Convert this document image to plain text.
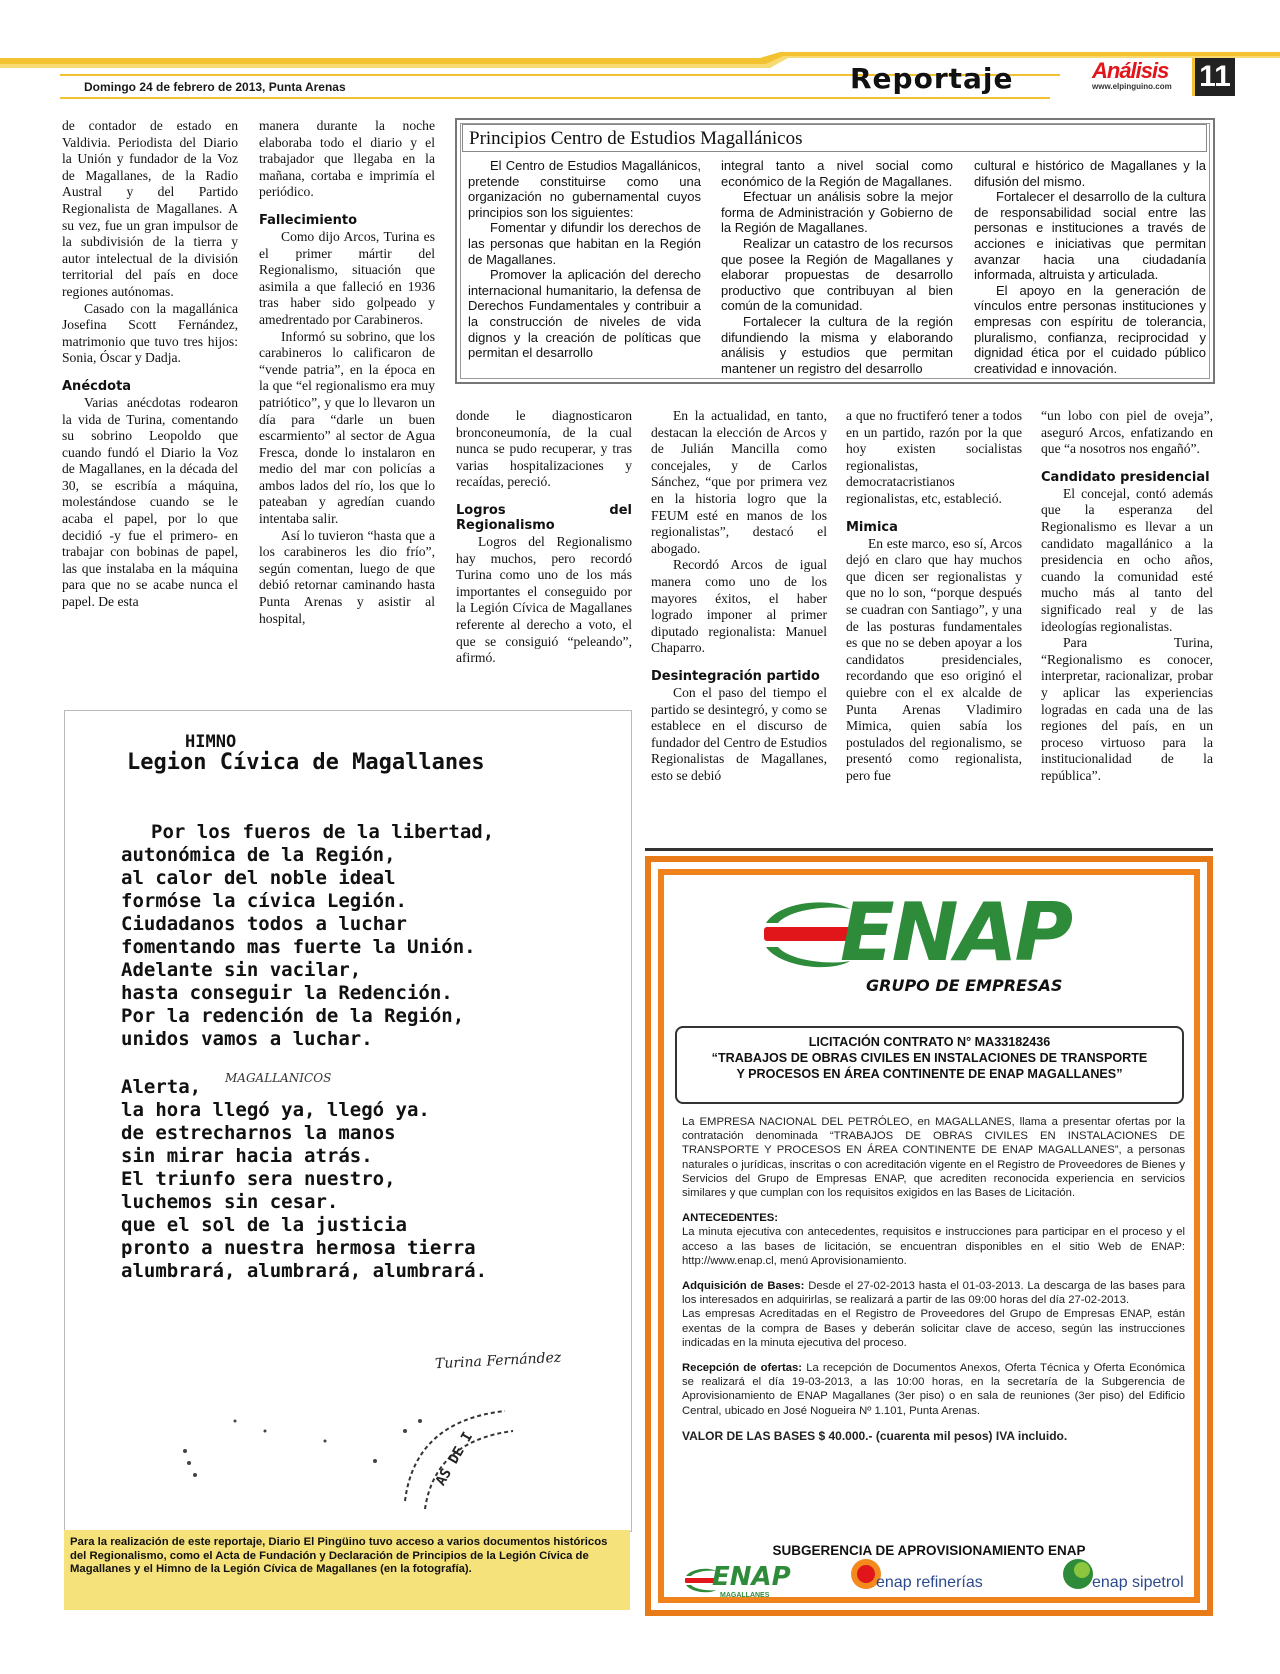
Domingo 24 de febrero de 2013, Punta Arenas	Reportaje	Análisis
www.elpinguino.com 11

de contador de estado en Valdivia. Periodista del Diario la Unión y fundador de la Voz de Magallanes, de la Radio Austral y del Partido Regionalista de Magallanes. A su vez, fue un gran impulsor de la subdivisión de la tierra y autor intelectual de la división territorial del país en doce regiones autónomas.

Casado con la magallánica Josefina Scott Fernández, matrimonio que tuvo tres hijos: Sonia, Óscar y Dadja.

Anécdota

Varias anécdotas rodearon la vida de Turina, comentando su sobrino Leopoldo que cuando fundó el Diario la Voz de Magallanes, en la década del 30, se escribía a máquina, molestándose cuando se le acaba el papel, por lo que decidió -y fue el primero- en trabajar con bobinas de papel, las que instalaba en la máquina para que no se acabe nunca el papel. De esta

manera durante la noche elaboraba todo el diario y el trabajador que llegaba en la mañana, cortaba e imprimía el periódico.

Fallecimiento

Como dijo Arcos, Turina es el primer mártir del Regionalismo, situación que asimila a que falleció en 1936 tras haber sido golpeado y amedrentado por Carabineros.

Informó su sobrino, que los carabineros lo calificaron de “vende patria”, en la época en la que “el regionalismo era muy patriótico”, y que lo llevaron un día para “darle un buen escarmiento” al sector de Agua Fresca, donde lo instalaron en medio del mar con policías a ambos lados del río, los que lo pateaban y agredían cuando intentaba salir.

Así lo tuvieron “hasta que a los carabineros les dio frío”, según comentan, luego de que debió retornar caminando hasta Punta Arenas y asistir al hospital,

Principios Centro de Estudios Magallánicos

El Centro de Estudios Magallánicos, pretende constituirse como una organización no gubernamental cuyos principios son los siguientes:

Fomentar y difundir los derechos de las personas que habitan en la Región de Magallanes.

Promover la aplicación del derecho internacional humanitario, la defensa de Derechos Fundamentales y contribuir a la construcción de niveles de vida dignos y la creación de políticas que permitan el desarrollo

integral tanto a nivel social como económico de la Región de Magallanes.

Efectuar un análisis sobre la mejor forma de Administración y Gobierno de la Región de Magallanes.

Realizar un catastro de los recursos que posee la Región de Magallanes y elaborar propuestas de desarrollo productivo que contribuyan al bien común de la comunidad.

Fortalecer la cultura de la región difundiendo la misma y elaborando análisis y estudios que permitan mantener un registro del desarrollo

cultural e histórico de Magallanes y la difusión del mismo.

Fortalecer el desarrollo de la cultura de responsabilidad social entre las personas e instituciones a través de acciones e iniciativas que permitan avanzar hacia una ciudadanía informada, altruista y articulada.

El apoyo en la generación de vínculos entre personas instituciones y empresas con espíritu de tolerancia, pluralismo, confianza, reciprocidad y dignidad ética por el cuidado público creatividad e innovación.

donde le diagnosticaron bronconeumonía, de la cual nunca se pudo recuperar, y tras varias hospitalizaciones y recaídas, pereció.

Logros del Regionalismo

Logros del Regionalismo hay muchos, pero recordó Turina como uno de los más importantes el conseguido por la Legión Cívica de Magallanes referente al derecho a voto, el que se consiguió “peleando”, afirmó.

En la actualidad, en tanto, destacan la elección de Arcos y de Julián Mancilla como concejales, y de Carlos Sánchez, “que por primera vez en la historia logro que la FEUM esté en manos de los regionalistas”, destacó el abogado.

Recordó Arcos de igual manera como uno de los mayores éxitos, el haber logrado imponer al primer diputado regionalista: Manuel Chaparro.

Desintegración partido

Con el paso del tiempo el partido se desintegró, y como se establece en el discurso de fundador del Centro de Estudios Regionalistas de Magallanes, esto se debió

a que no fructiferó tener a todos en un partido, razón por la que hoy existen socialistas regionalistas, democratacristianos regionalistas, etc, estableció.

Mimica

En este marco, eso sí, Arcos dejó en claro que hay muchos que dicen ser regionalistas y que no lo son, “porque después se cuadran con Santiago”, y una de las posturas fundamentales es que no se deben apoyar a los candidatos presidenciales, recordando que eso originó el quiebre con el ex alcalde de Punta Arenas Vladimiro Mimica, quien sabía los postulados del regionalismo, se presentó como regionalista, pero fue

“un lobo con piel de oveja”, aseguró Arcos, enfatizando en que “a nosotros nos engañó”.

Candidato presidencial

El concejal, contó además que la esperanza del Regionalismo es llevar a un candidato magallánico a la presidencia en ocho años, cuando la comunidad esté mucho más al tanto del significado real y de las ideologías regionalistas.

Para Turina, “Regionalismo es conocer, interpretar, racionalizar, probar y aplicar las experiencias logradas en cada una de las regiones del país, en un proceso virtuoso para la institucionalidad de la república”.

HIMNO
Legion Cívica de Magallanes
Por los fueros de la libertad,
autonómica de la Región,
al calor del noble ideal
formóse la cívica Legión.
Ciudadanos todos a luchar
fomentando mas fuerte la Unión.
Adelante sin vacilar,
hasta conseguir la Redención.
Por la redención de la Región,
unidos vamos a luchar.
Alerta,
la hora llegó ya, llegó ya.
de estrecharnos la manos
sin mirar hacia atrás.
El triunfo sera nuestro,
luchemos sin cesar.
que el sol de la justicia
pronto a nuestra hermosa tierra
alumbrará, alumbrará, alumbrará.
MAGALLANICOS
Turina Fernández
AS DE I
Para la realización de este reportaje, Diario El Pingüino tuvo acceso a varios documentos históricos del Regionalismo, como el Acta de Fundación y Declaración de Principios de la Legión Cívica de Magallanes y el Himno de la Legión Cívica de Magallanes (en la fotografía).
ENAP
GRUPO DE EMPRESAS
LICITACIÓN CONTRATO N° MA33182436
“TRABAJOS DE OBRAS CIVILES EN INSTALACIONES DE TRANSPORTE
Y PROCESOS EN ÁREA CONTINENTE DE ENAP MAGALLANES”

La EMPRESA NACIONAL DEL PETRÓLEO, en MAGALLANES, llama a presentar ofertas por la contratación denominada “TRABAJOS DE OBRAS CIVILES EN INSTALACIONES DE TRANSPORTE Y PROCESOS EN ÁREA CONTINENTE DE ENAP MAGALLANES”, a personas naturales o jurídicas, inscritas o con acreditación vigente en el Registro de Proveedores de Bienes y Servicios del Grupo de Empresas ENAP, que acrediten reconocida experiencia en servicios similares y que cumplan con los requisitos exigidos en las Bases de Licitación.

ANTECEDENTES:
La minuta ejecutiva con antecedentes, requisitos e instrucciones para participar en el proceso y el acceso a las bases de licitación, se encuentran disponibles en el sitio Web de ENAP: http://www.enap.cl, menú Aprovisionamiento.

Adquisición de Bases: Desde el 27-02-2013 hasta el 01-03-2013. La descarga de las bases para los interesados en adquirirlas, se realizará a partir de las 09:00 horas del día 27-02-2013.

Las empresas Acreditadas en el Registro de Proveedores del Grupo de Empresas ENAP, están exentas de la compra de Bases y deberán solicitar clave de acceso, según las instrucciones indicadas en la minuta ejecutiva del proceso.

Recepción de ofertas: La recepción de Documentos Anexos, Oferta Técnica y Oferta Económica se realizará el día 19-03-2013, a las 10:00 horas, en la secretaría de la Subgerencia de Aprovisionamiento de ENAP Magallanes (3er piso) o en sala de reuniones (3er piso) del Edificio Central, ubicado en José Nogueira Nº 1.101, Punta Arenas.

VALOR DE LAS BASES $ 40.000.- (cuarenta mil pesos) IVA incluido.

SUBGERENCIA DE APROVISIONAMIENTO ENAP
ENAP
MAGALLANES
enap refinerías	enap sipetrol
